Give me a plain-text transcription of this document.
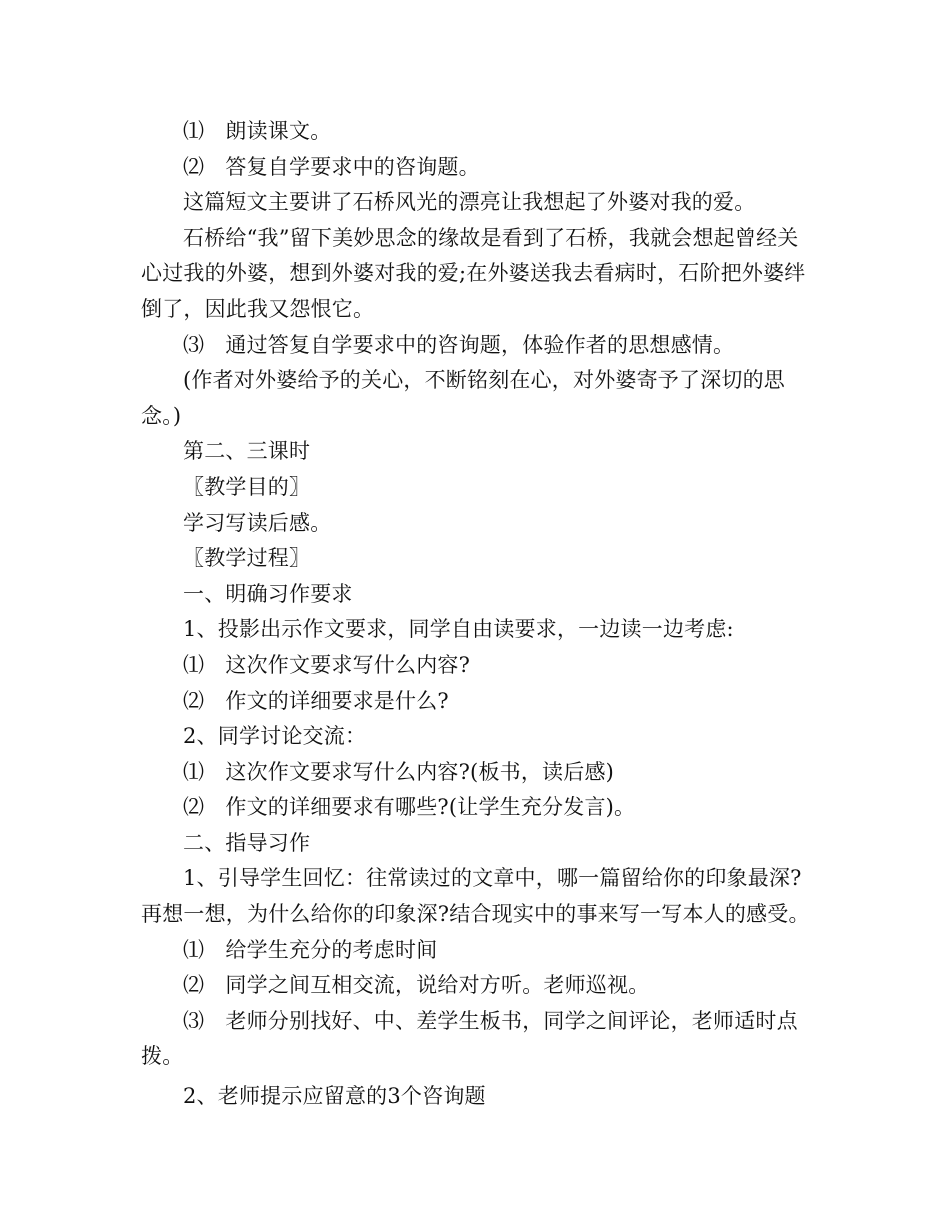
⑴　朗读课文。

⑵　答复自学要求中的咨询题。

这篇短文主要讲了石桥风光的漂亮让我想起了外婆对我的爱。

石桥给“我”留下美妙思念的缘故是看到了石桥，我就会想起曾经关心过我的外婆，想到外婆对我的爱;在外婆送我去看病时，石阶把外婆绊倒了，因此我又怨恨它。

⑶　通过答复自学要求中的咨询题，体验作者的思想感情。

(作者对外婆给予的关心，不断铭刻在心，对外婆寄予了深切的思念。)

第二、三课时

〖教学目的〗

学习写读后感。

〖教学过程〗

一、明确习作要求

1、投影出示作文要求，同学自由读要求，一边读一边考虑:

⑴　这次作文要求写什么内容?

⑵　作文的详细要求是什么?

2、同学讨论交流：

⑴　这次作文要求写什么内容?(板书，读后感)

⑵　作文的详细要求有哪些?(让学生充分发言)。

二、指导习作

1、引导学生回忆：往常读过的文章中，哪一篇留给你的印象最深?再想一想，为什么给你的印象深?结合现实中的事来写一写本人的感受。

⑴　给学生充分的考虑时间

⑵　同学之间互相交流，说给对方听。老师巡视。

⑶　老师分别找好、中、差学生板书，同学之间评论，老师适时点拨。

2、老师提示应留意的3个咨询题
